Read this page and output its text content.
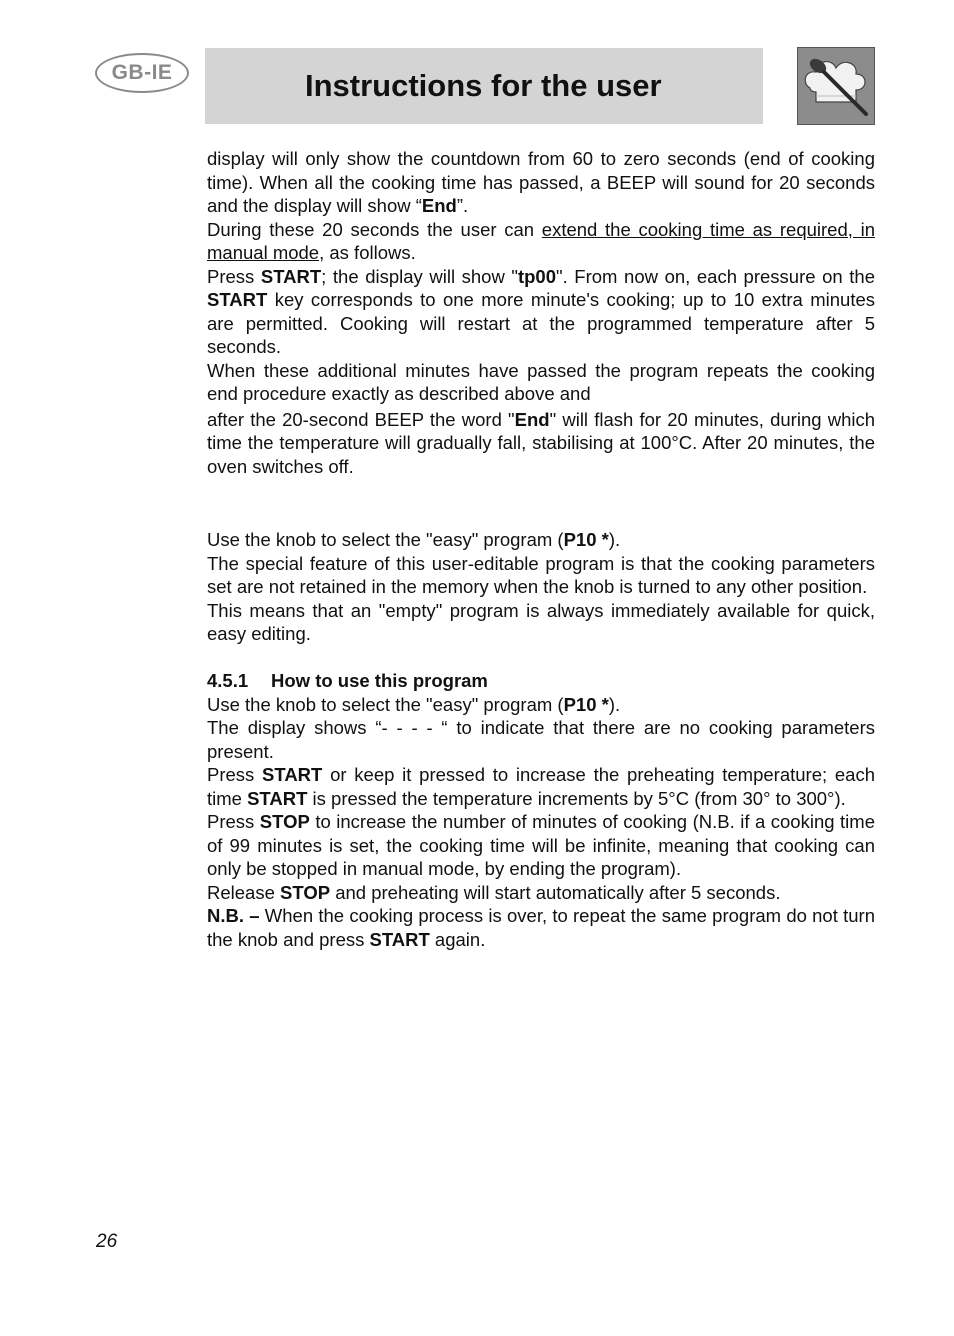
GB-IE	Instructions for the user

display will only show the countdown from 60 to zero seconds (end of cooking time). When all the cooking time has passed, a BEEP will sound for 20 seconds and the display will show “End”.

During these 20 seconds the user can extend the cooking time as required, in manual mode, as follows.

Press START; the display will show "tp00". From now on, each pressure on the START key corresponds to one more minute's cooking; up to 10 extra minutes are permitted. Cooking will restart at the programmed temperature after 5 seconds.

When these additional minutes have passed the program repeats the cooking end procedure exactly as described above and

after the 20-second BEEP the word "End" will flash for 20 minutes, during which time the temperature will gradually fall, stabilising at 100°C. After 20 minutes, the oven switches off.

Use the knob to select the "easy" program (P10 *).

The special feature of this user-editable program is that the cooking parameters set are not retained in the memory when the knob is turned to any other position.

This means that an "empty" program is always immediately available for quick, easy editing.

4.5.1 How to use this program

Use the knob to select the "easy" program (P10 *).

The display shows “- - - - “ to indicate that there are no cooking parameters present.

Press START or keep it pressed to increase the preheating temperature; each time START is pressed the temperature increments by 5°C (from 30° to 300°).

Press STOP to increase the number of minutes of cooking (N.B. if a cooking time of 99 minutes is set, the cooking time will be infinite, meaning that cooking can only be stopped in manual mode, by ending the program).

Release STOP and preheating will start automatically after 5 seconds.

N.B. – When the cooking process is over, to repeat the same program do not turn the knob and press START again.

26
